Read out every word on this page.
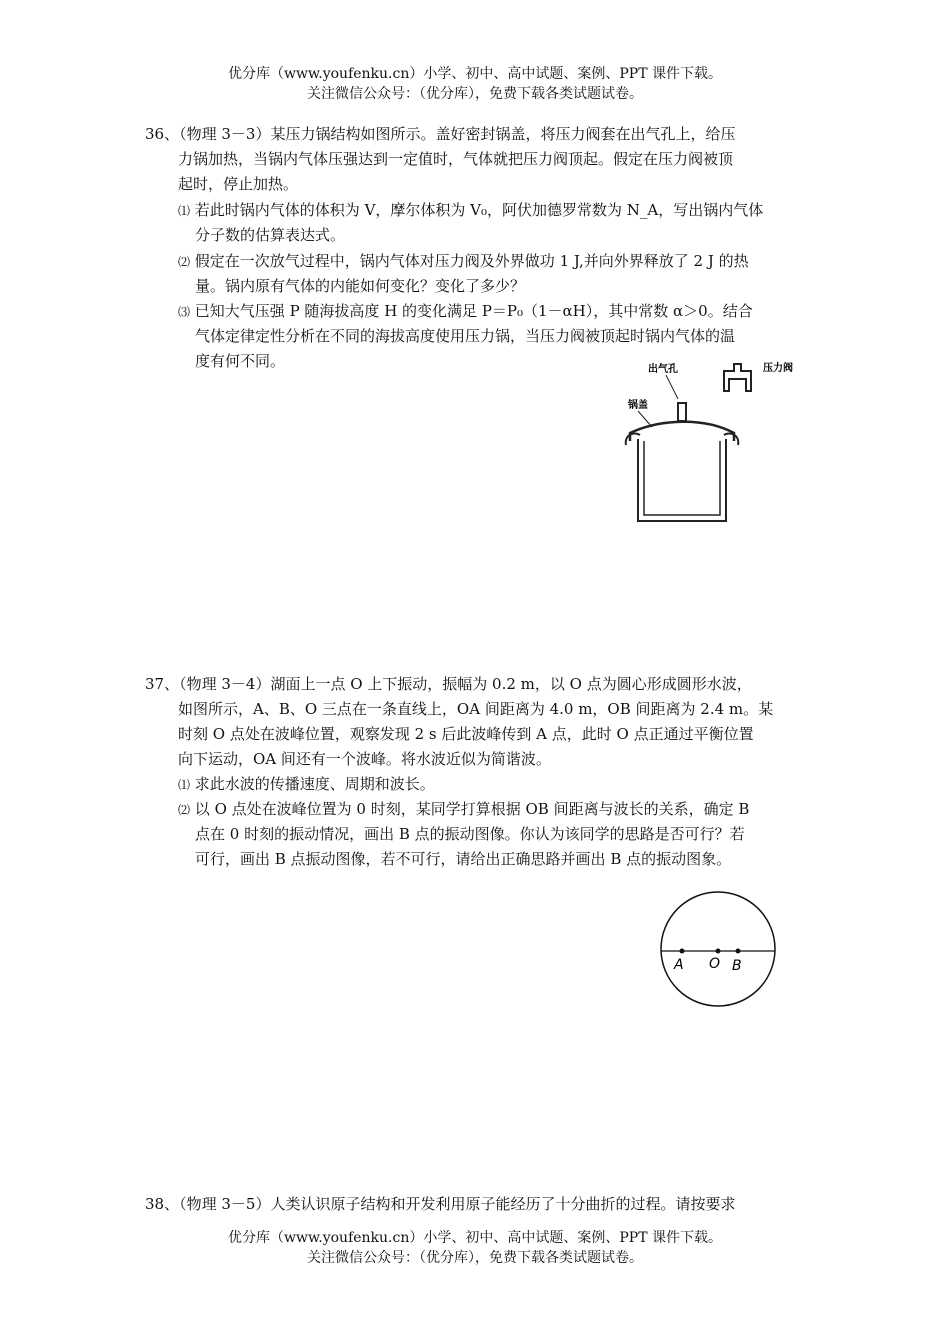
优分库（www.youfenku.cn）小学、初中、高中试题、案例、PPT 课件下载。
关注微信公众号：（优分库），免费下载各类试题试卷。
36、（物理 3－3）某压力锅结构如图所示。盖好密封锅盖，将压力阀套在出气孔上，给压
力锅加热，当锅内气体压强达到一定值时，气体就把压力阀顶起。假定在压力阀被顶
起时，停止加热。
⑴ 若此时锅内气体的体积为 V，摩尔体积为 V₀，阿伏加德罗常数为 N_A，写出锅内气体
分子数的估算表达式。
⑵ 假定在一次放气过程中，锅内气体对压力阀及外界做功 1 J,并向外界释放了 2 J 的热
量。锅内原有气体的内能如何变化？变化了多少？
⑶ 已知大气压强 P 随海拔高度 H 的变化满足 P＝P₀（1－αH），其中常数 α＞0。结合
气体定律定性分析在不同的海拔高度使用压力锅，当压力阀被顶起时锅内气体的温
度有何不同。	出气孔	压力阀
锅盖
37、（物理 3－4）湖面上一点 O 上下振动，振幅为 0.2 m，以 O 点为圆心形成圆形水波，
如图所示，A、B、O 三点在一条直线上，OA 间距离为 4.0 m，OB 间距离为 2.4 m。某
时刻 O 点处在波峰位置，观察发现 2 s 后此波峰传到 A 点，此时 O 点正通过平衡位置
向下运动，OA 间还有一个波峰。将水波近似为简谐波。
⑴ 求此水波的传播速度、周期和波长。
⑵ 以 O 点处在波峰位置为 0 时刻，某同学打算根据 OB 间距离与波长的关系，确定 B
点在 0 时刻的振动情况，画出 B 点的振动图像。你认为该同学的思路是否可行？若
可行，画出 B 点振动图像，若不可行，请给出正确思路并画出 B 点的振动图象。
A O B
38、（物理 3－5）人类认识原子结构和开发利用原子能经历了十分曲折的过程。请按要求
优分库（www.youfenku.cn）小学、初中、高中试题、案例、PPT 课件下载。
关注微信公众号：（优分库），免费下载各类试题试卷。
